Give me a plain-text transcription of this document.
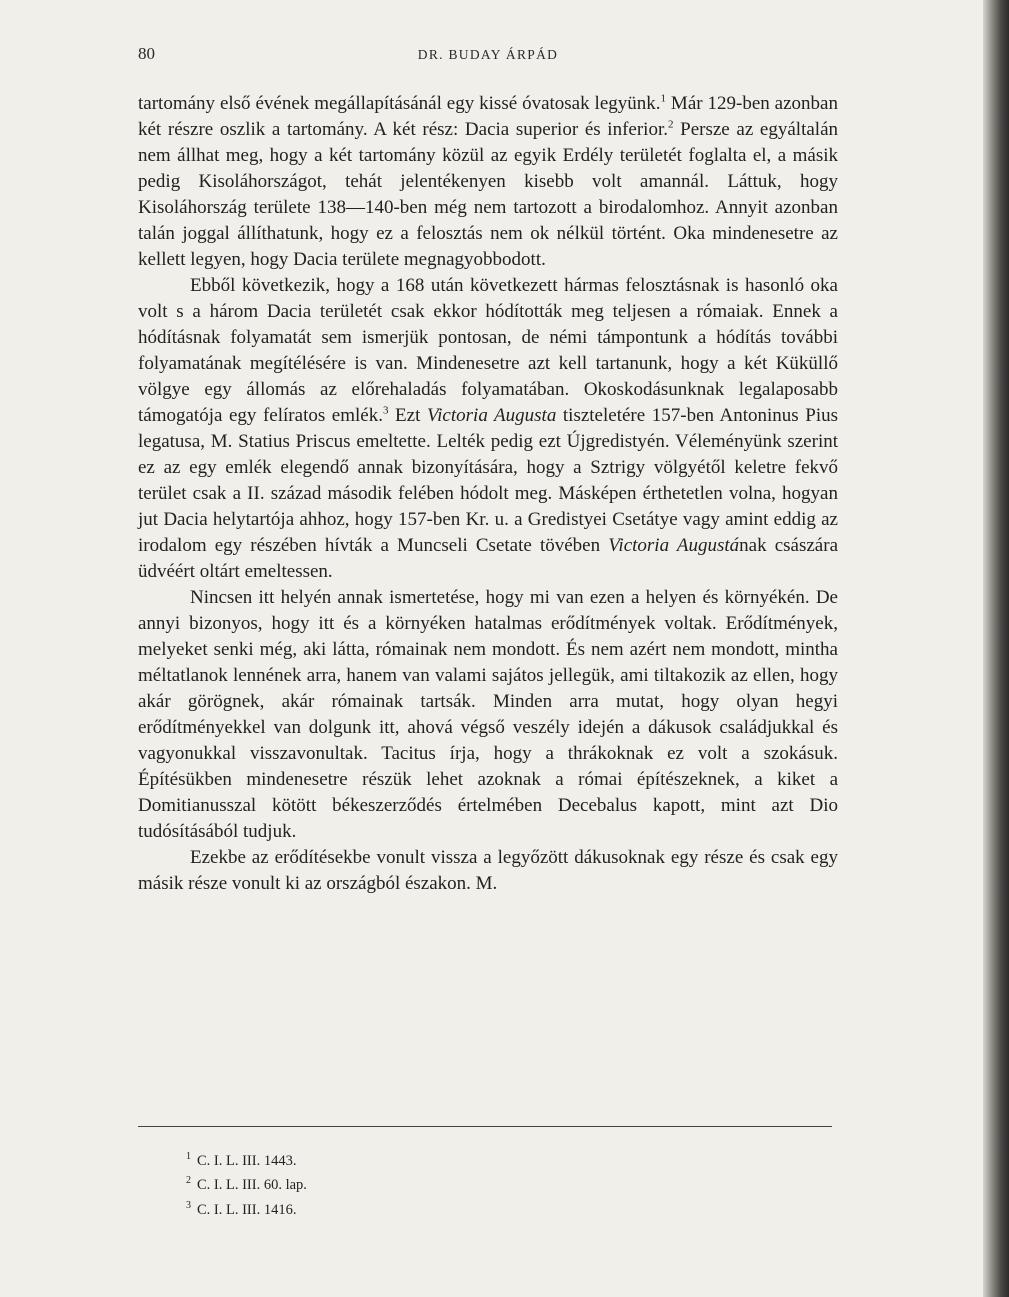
80	DR. BUDAY ÁRPÁD

tartomány első évének megállapításánál egy kissé óvatosak legyünk.$^1$ Már 129-ben azonban két részre oszlik a tartomány. A két rész: Dacia superior és inferior.$^2$ Persze az egyáltalán nem állhat meg, hogy a két tartomány közül az egyik Erdély területét foglalta el, a másik pedig Kisoláhországot, tehát jelentékenyen kisebb volt amannál. Láttuk, hogy Kisoláhország területe 138—140-ben még nem tartozott a birodalomhoz. Annyit azonban talán joggal állíthatunk, hogy ez a felosztás nem ok nélkül történt. Oka mindenesetre az kellett legyen, hogy Dacia területe megnagyobbodott.

Ebből következik, hogy a 168 után következett hármas felosztásnak is hasonló oka volt s a három Dacia területét csak ekkor hódították meg teljesen a rómaiak. Ennek a hódításnak folyamatát sem ismerjük pontosan, de némi támpontunk a hódítás további folyamatának megítélésére is van. Mindenesetre azt kell tartanunk, hogy a két Küküllő völgye egy állomás az előrehaladás folyamatában. Okoskodásunknak legalaposabb támogatója egy felíratos emlék.$^3$ Ezt Victoria Augusta tiszteletére 157-ben Antoninus Pius legatusa, M. Statius Priscus emeltette. Lelték pedig ezt Újgredistyén. Véleményünk szerint ez az egy emlék elegendő annak bizonyítására, hogy a Sztrigy völgyétől keletre fekvő terület csak a II. század második felében hódolt meg. Másképen érthetetlen volna, hogyan jut Dacia helytartója ahhoz, hogy 157-ben Kr. u. a Gredistyei Csetátye vagy amint eddig az irodalom egy részében hívták a Muncseli Csetate tövében Victoria Augustának császára üdvéért oltárt emeltessen.

Nincsen itt helyén annak ismertetése, hogy mi van ezen a helyen és környékén. De annyi bizonyos, hogy itt és a környéken hatalmas erődítmények voltak. Erődítmények, melyeket senki még, aki látta, rómainak nem mondott. És nem azért nem mondott, mintha méltatlanok lennének arra, hanem van valami sajátos jellegük, ami tiltakozik az ellen, hogy akár görögnek, akár rómainak tartsák. Minden arra mutat, hogy olyan hegyi erődítményekkel van dolgunk itt, ahová végső veszély idején a dákusok családjukkal és vagyonukkal visszavonultak. Tacitus írja, hogy a thrákoknak ez volt a szokásuk. Építésükben mindenesetre részük lehet azoknak a római építészeknek, a kiket a Domitianusszal kötött békeszerződés értelmében Decebalus kapott, mint azt Dio tudósításából tudjuk.

Ezekbe az erődítésekbe vonult vissza a legyőzött dákusoknak egy része és csak egy másik része vonult ki az országból északon. M.

$^1$ C. I. L. III. 1443.
$^2$ C. I. L. III. 60. lap.
$^3$ C. I. L. III. 1416.
